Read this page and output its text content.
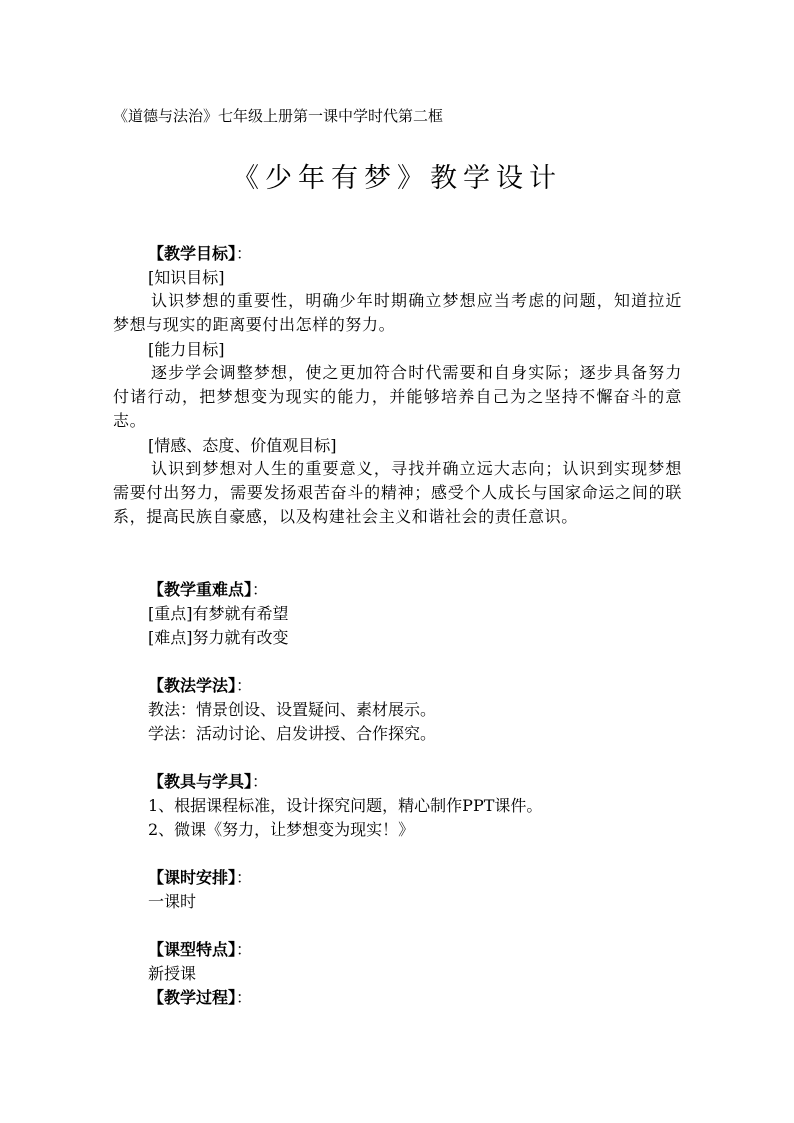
《道德与法治》七年级上册第一课中学时代第二框
《少年有梦》教学设计
【教学目标】：
[知识目标]
认识梦想的重要性，明确少年时期确立梦想应当考虑的问题，知道拉近梦想与现实的距离要付出怎样的努力。
[能力目标]
逐步学会调整梦想，使之更加符合时代需要和自身实际；逐步具备努力付诸行动，把梦想变为现实的能力，并能够培养自己为之坚持不懈奋斗的意志。
[情感、态度、价值观目标]
认识到梦想对人生的重要意义，寻找并确立远大志向；认识到实现梦想需要付出努力，需要发扬艰苦奋斗的精神；感受个人成长与国家命运之间的联系，提高民族自豪感，以及构建社会主义和谐社会的责任意识。
【教学重难点】：
[重点]有梦就有希望
[难点]努力就有改变
【教法学法】：
教法：情景创设、设置疑问、素材展示。
学法：活动讨论、启发讲授、合作探究。
【教具与学具】：
1、根据课程标准，设计探究问题，精心制作PPT课件。
2、微课《努力，让梦想变为现实！》
【课时安排】：
一课时
【课型特点】：
新授课
【教学过程】：
